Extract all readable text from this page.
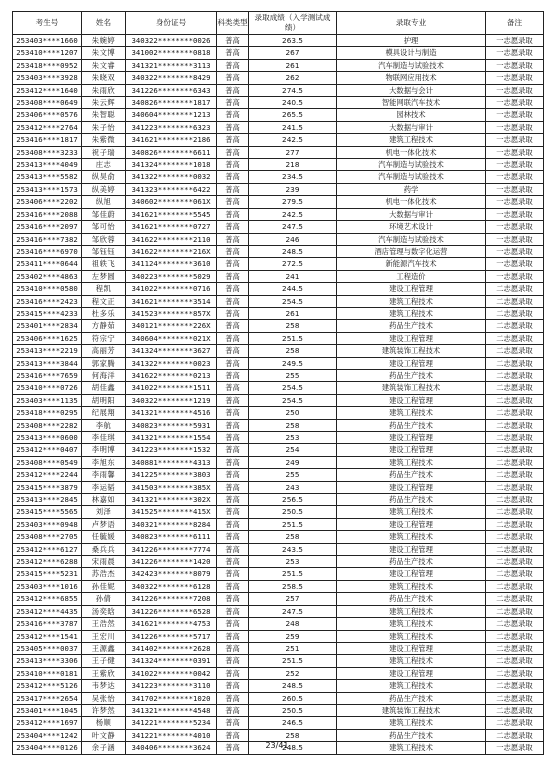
考生号	姓名	身份证号	科类类型	录取成绩（入学测试成绩）	录取专业	备注
253403****1660	朱婉婷	340322********0026	普高	263.5	护理	一志愿录取
253410****1207	朱文博	341002********0818	普高	267	模具设计与制造	一志愿录取
253418****0952	朱文睿	341321********3113	普高	261	汽车制造与试验技术	一志愿录取
253403****3928	朱晓双	340322********8429	普高	262	物联网应用技术	一志愿录取
253412****1640	朱雨欣	341226********6343	普高	274.5	大数据与会计	一志愿录取
253408****0649	朱云辉	340826********1817	普高	240.5	智能网联汽车技术	一志愿录取
253406****0576	朱智聪	340604********1213	普高	265.5	园林技术	一志愿录取
253412****2764	朱子怡	341223********6323	普高	241.5	大数据与审计	一志愿录取
253416****1817	朱紫微	341621********2186	普高	242.5	建筑工程技术	一志愿录取
253408****3233	祝子瑞	340826********6611	普高	277	机电一体化技术	一志愿录取
253413****4049	庄志	341324********1018	普高	218	汽车制造与试验技术	一志愿录取
253413****5582	纵昊俞	341322********0032	普高	234.5	汽车制造与试验技术	一志愿录取
253413****1573	纵美婷	341323********6422	普高	239	药学	一志愿录取
253406****2202	纵旭	340602********061X	普高	279.5	机电一体化技术	一志愿录取
253416****2088	邹佳蔚	341621********5545	普高	242.5	大数据与审计	一志愿录取
253416****2097	邹可怡	341621********0727	普高	247.5	环境艺术设计	一志愿录取
253416****7382	邹欣蓉	341622********2110	普高	246	汽车制造与试验技术	一志愿录取
253416****6970	邹钰钰	341622********216X	普高	248.5	酒店管理与数字化运营	一志愿录取
253411****0644	祖轶飞	341124********3610	普高	272.5	新能源汽车技术	一志愿录取
253402****4863	左梦圆	340223********5029	普高	241	工程造价	一志愿录取
253410****0580	程凯	341022********0716	普高	244.5	建设工程管理	二志愿录取
253416****2423	程文正	341621********3514	普高	254.5	建筑工程技术	二志愿录取
253415****4233	杜多乐	341523********857X	普高	261	建筑工程技术	二志愿录取
253401****2834	方静茹	340121********226X	普高	258	药品生产技术	二志愿录取
253406****1625	符宗宁	340604********021X	普高	251.5	建设工程管理	二志愿录取
253413****2219	高丽芳	341324********3627	普高	258	建筑装饰工程技术	二志愿录取
253413****3844	郭家腾	341322********0023	普高	249.5	建设工程管理	二志愿录取
253416****7659	何海洋	341622********0213	普高	255	药品生产技术	二志愿录取
253410****0726	胡佳鑫	341022********1511	普高	254.5	建筑装饰工程技术	二志愿录取
253403****1135	胡明阳	340322********1219	普高	254.5	建设工程管理	二志愿录取
253418****0295	纪展翔	341321********4516	普高	250	建筑工程技术	二志愿录取
253408****2282	李航	340823********5931	普高	258	药品生产技术	二志愿录取
253413****0600	李佳琪	341321********1554	普高	253	建设工程管理	二志愿录取
253412****0407	李明博	341223********1532	普高	254	建设工程管理	二志愿录取
253408****0549	李旭东	340881********4313	普高	249	建筑工程技术	二志愿录取
253412****2244	李雨馨	341225********3803	普高	255	药品生产技术	二志愿录取
253415****3879	李运韬	341503********385X	普高	243	建设工程管理	二志愿录取
253413****2845	林嘉如	341321********302X	普高	256.5	药品生产技术	二志愿录取
253415****5565	刘泽	341525********415X	普高	250.5	建筑工程技术	二志愿录取
253403****0948	卢梦语	340321********8284	普高	251.5	建设工程管理	二志愿录取
253408****2705	任毓媛	340823********6111	普高	258	建筑工程技术	二志愿录取
253412****6127	桑兵兵	341226********7774	普高	243.5	建设工程管理	二志愿录取
253412****6288	宋雨晨	341226********1420	普高	253	药品生产技术	二志愿录取
253415****5231	苏浩杰	342423********8079	普高	251.5	建设工程管理	二志愿录取
253403****1016	孙佳妮	340322********6128	普高	258.5	建筑工程技术	二志愿录取
253412****6855	孙倩	341226********7208	普高	257	药品生产技术	二志愿录取
253412****4435	汤奕晗	341226********6528	普高	247.5	建筑工程技术	二志愿录取
253416****3787	王浩然	341621********4753	普高	248	建筑工程技术	二志愿录取
253412****1541	王宏川	341226********5717	普高	259	建筑工程技术	二志愿录取
253405****0037	王源鑫	341402********2628	普高	251	建设工程管理	二志愿录取
253413****3306	王子健	341324********0391	普高	251.5	建筑工程技术	二志愿录取
253410****0181	王紫欣	341022********0042	普高	252	建设工程管理	二志愿录取
253412****5126	韦梦达	341223********3110	普高	248.5	建筑工程技术	二志愿录取
253417****2654	吴张怡	341702********1020	普高	260.5	药品生产技术	二志愿录取
253401****1045	许梦然	341321********4548	普高	250.5	建筑装饰工程技术	二志愿录取
253412****1697	杨顺	341221********5234	普高	246.5	建筑工程技术	二志愿录取
253404****1242	叶文静	341221********4010	普高	258	药品生产技术	二志愿录取
253404****0126	余子涵	340406********3624	普高	248.5	建筑工程技术	一志愿录取
23/41
